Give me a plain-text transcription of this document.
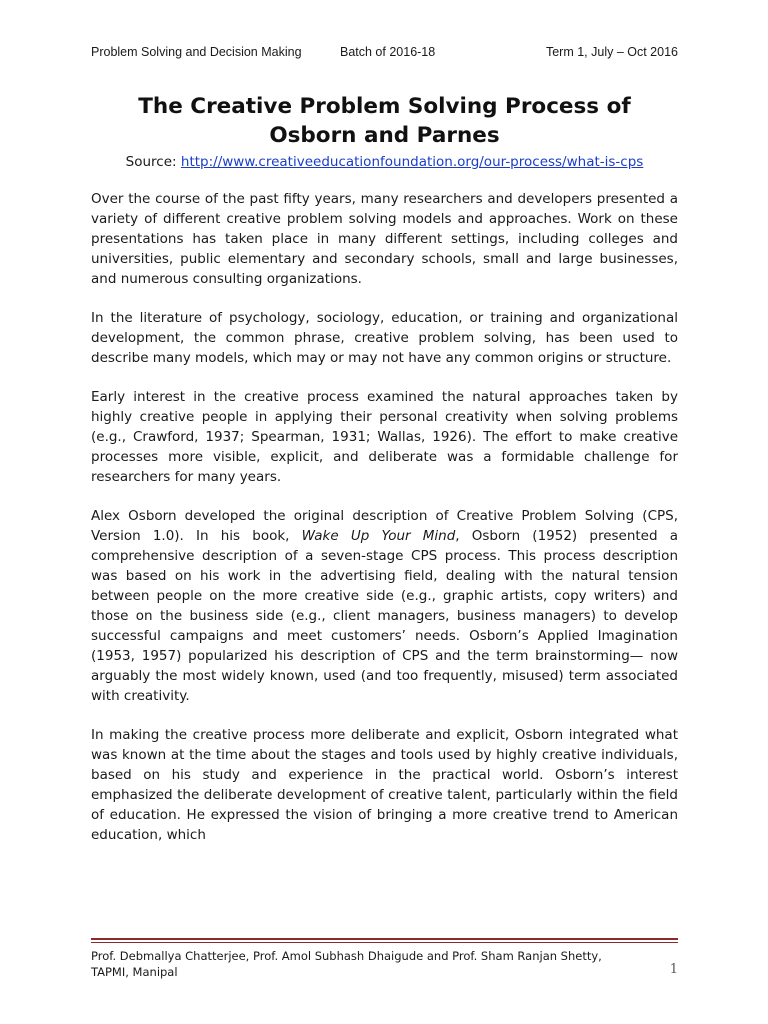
Problem Solving and Decision Making	Batch of 2016-18	Term 1, July – Oct 2016
The Creative Problem Solving Process of
Osborn and Parnes
Source: http://www.creativeeducationfoundation.org/our-process/what-is-cps

Over the course of the past fifty years, many researchers and developers presented a variety of different creative problem solving models and approaches. Work on these presentations has taken place in many different settings, including colleges and universities, public elementary and secondary schools, small and large businesses, and numerous consulting organizations.

In the literature of psychology, sociology, education, or training and organizational development, the common phrase, creative problem solving, has been used to describe many models, which may or may not have any common origins or structure.

Early interest in the creative process examined the natural approaches taken by highly creative people in applying their personal creativity when solving problems (e.g., Crawford, 1937; Spearman, 1931; Wallas, 1926). The effort to make creative processes more visible, explicit, and deliberate was a formidable challenge for researchers for many years.

Alex Osborn developed the original description of Creative Problem Solving (CPS, Version 1.0). In his book, Wake Up Your Mind, Osborn (1952) presented a comprehensive description of a seven-stage CPS process. This process description was based on his work in the advertising field, dealing with the natural tension between people on the more creative side (e.g., graphic artists, copy writers) and those on the business side (e.g., client managers, business managers) to develop successful campaigns and meet customers’ needs. Osborn’s Applied Imagination (1953, 1957) popularized his description of CPS and the term brainstorming— now arguably the most widely known, used (and too frequently, misused) term associated with creativity.

In making the creative process more deliberate and explicit, Osborn integrated what was known at the time about the stages and tools used by highly creative individuals, based on his study and experience in the practical world. Osborn’s interest emphasized the deliberate development of creative talent, particularly within the field of education. He expressed the vision of bringing a more creative trend to American education, which

Prof. Debmallya Chatterjee, Prof. Amol Subhash Dhaigude and Prof. Sham Ranjan Shetty,
TAPMI, Manipal	1
